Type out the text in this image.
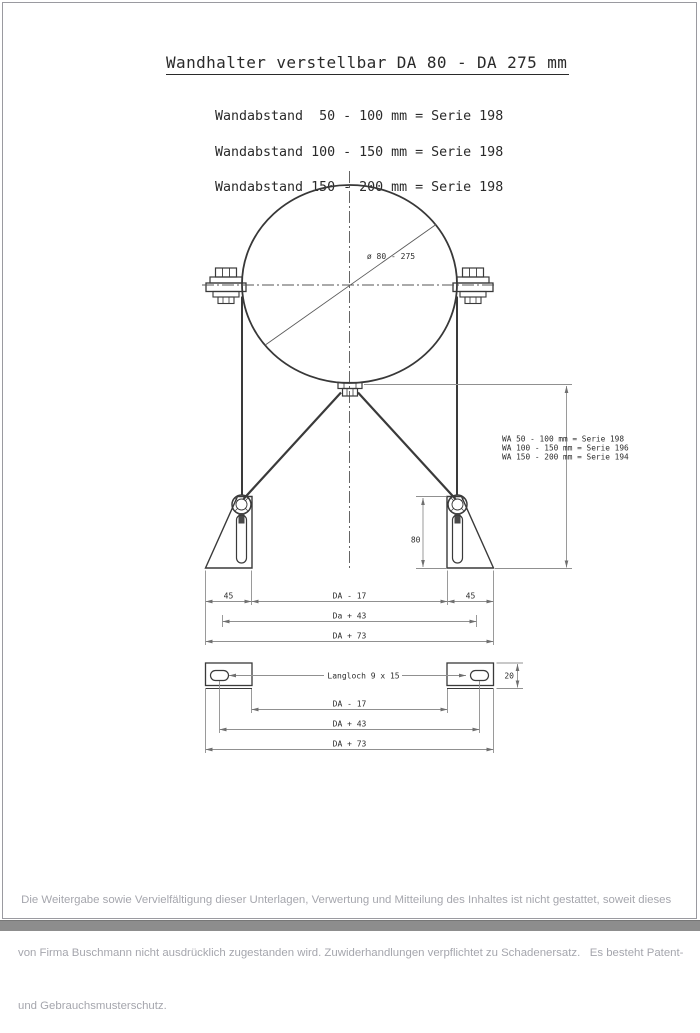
Wandhalter verstellbar DA 80 - DA 275 mm

Wandabstand  50 - 100 mm = Serie 198

Wandabstand 100 - 150 mm = Serie 198

Wandabstand 150 - 200 mm = Serie 198

ø 80 - 275
WA 50 - 100 mm = Serie 198
WA 100 - 150 mm = Serie 196
WA 150 - 200 mm = Serie 194
80
45	DA - 17	45
Da + 43
DA + 73
Langloch 9 x 15	20
DA - 17
DA + 43
DA + 73

Die Weitergabe sowie Vervielfältigung dieser Unterlagen, Verwertung und Mitteilung des Inhaltes ist nicht gestattet, soweit dieses

von Firma Buschmann nicht ausdrücklich zugestanden wird. Zuwiderhandlungen verpflichtet zu Schadenersatz.   Es besteht Patent-

und Gebrauchsmusterschutz.
